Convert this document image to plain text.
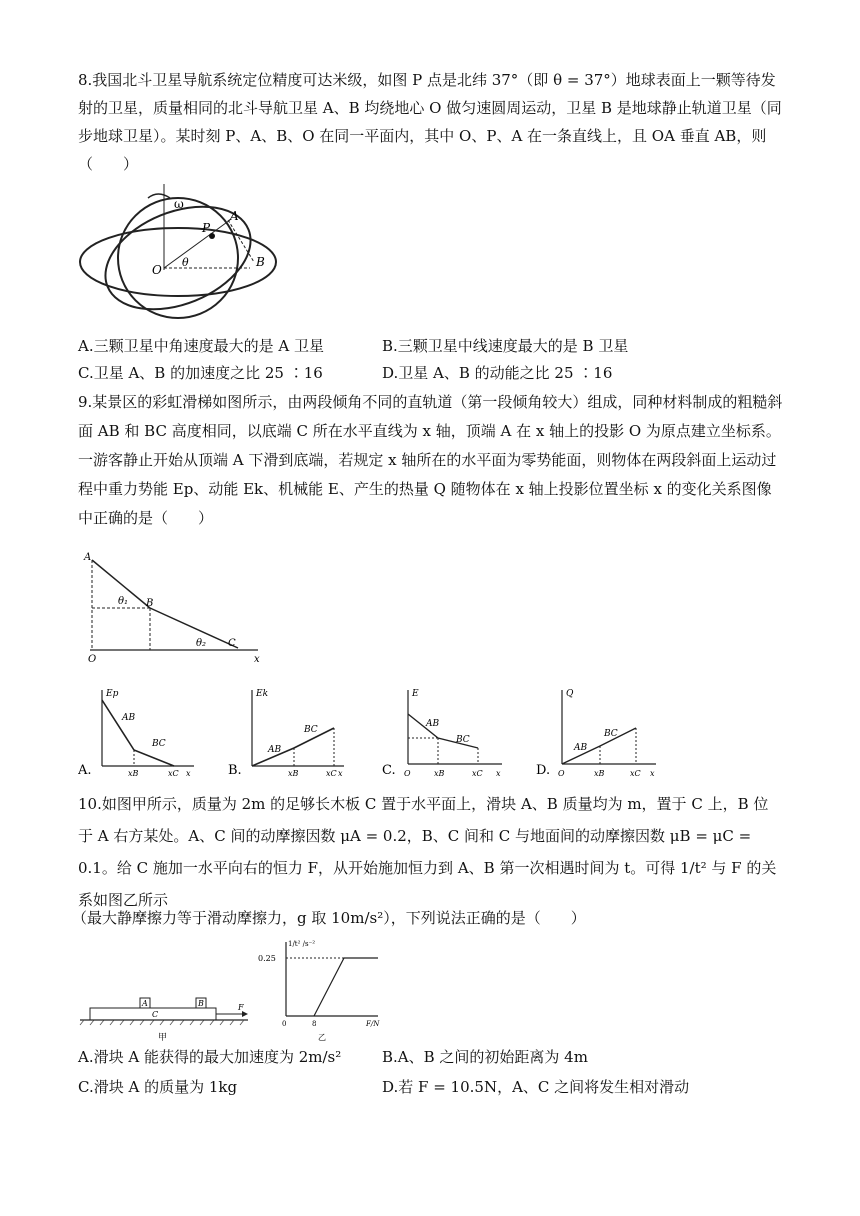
8.我国北斗卫星导航系统定位精度可达米级，如图 P 点是北纬 37°（即 θ = 37°）地球表面上一颗等待发射的卫星，质量相同的北斗导航卫星 A、B 均绕地心 O 做匀速圆周运动，卫星 B 是地球静止轨道卫星（同步地球卫星）。某时刻 P、A、B、O 在同一平面内，其中 O、P、A 在一条直线上，且 OA 垂直 AB，则（　　）

ω
A
P
O
θ	B
A.三颗卫星中角速度最大的是 A 卫星	B.三颗卫星中线速度最大的是 B 卫星
C.卫星 A、B 的加速度之比 25 ∶16	D.卫星 A、B 的动能之比 25 ∶16

9.某景区的彩虹滑梯如图所示，由两段倾角不同的直轨道（第一段倾角较大）组成，同种材料制成的粗糙斜面 AB 和 BC 高度相同，以底端 C 所在水平直线为 x 轴，顶端 A 在 x 轴上的投影 O 为原点建立坐标系。一游客静止开始从顶端 A 下滑到底端，若规定 x 轴所在的水平面为零势能面，则物体在两段斜面上运动过程中重力势能 Ep、动能 Ek、机械能 E、产生的热量 Q 随物体在 x 轴上投影位置坐标 x 的变化关系图像中正确的是（　　）

A
B
C
O	x
θ₁
θ₂
Ep
AB
BC
xB	xC x
A.
Ek
AB
BC
xB	xC x
B.
E
AB
BC
O	xB	xC x
C.
Q
AB
BC
O	xB	xC x
D.

10.如图甲所示，质量为 2m 的足够长木板 C 置于水平面上，滑块 A、B 质量均为 m，置于 C 上，B 位于 A 右方某处。A、C 间的动摩擦因数 μA = 0.2，B、C 间和 C 与地面间的动摩擦因数 μB = μC = 0.1。给 C 施加一水平向右的恒力 F，从开始施加恒力到 A、B 第一次相遇时间为 t。可得 1/t² 与 F 的关系如图乙所示

（最大静摩擦力等于滑动摩擦力，g 取 10m/s²），下列说法正确的是（　　）

A	B
C
F
甲
1/t² /s⁻²
0.25
0	8	F/N
乙
A.滑块 A 能获得的最大加速度为 2m/s²	B.A、B 之间的初始距离为 4m
C.滑块 A 的质量为 1kg	D.若 F = 10.5N，A、C 之间将发生相对滑动
